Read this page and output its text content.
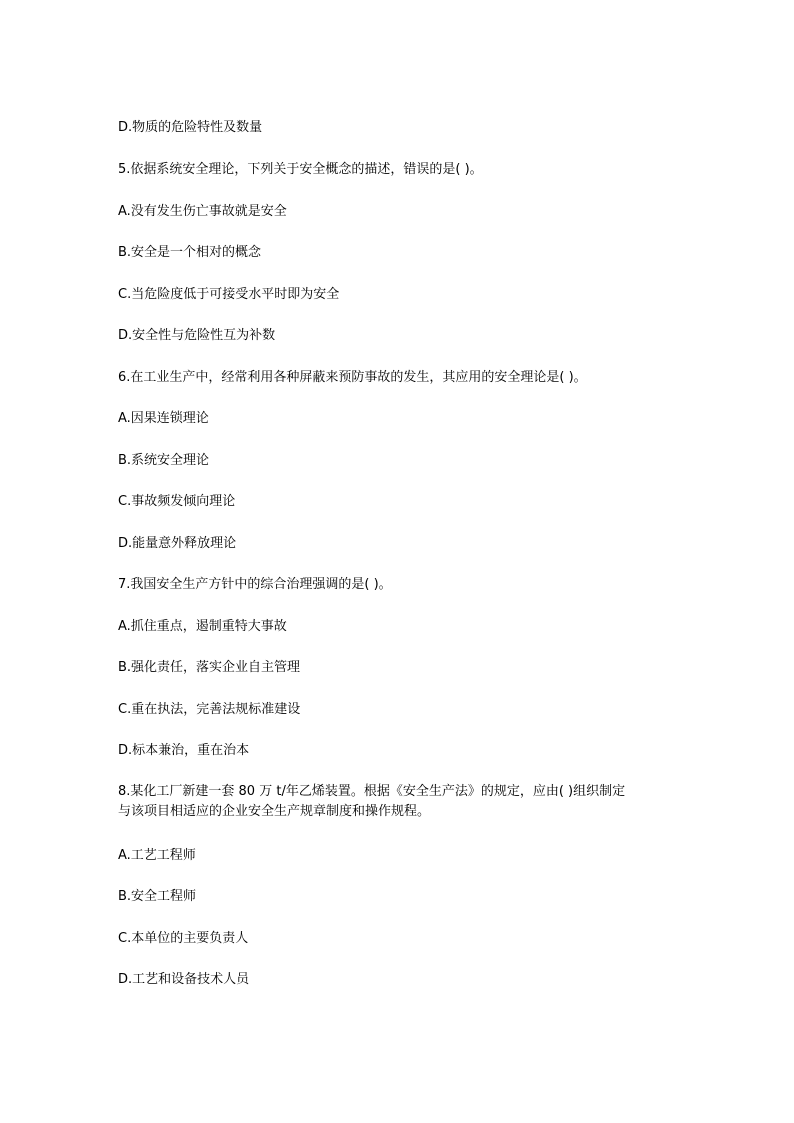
D.物质的危险特性及数量
5.依据系统安全理论，下列关于安全概念的描述，错误的是( )。
A.没有发生伤亡事故就是安全
B.安全是一个相对的概念
C.当危险度低于可接受水平时即为安全
D.安全性与危险性互为补数
6.在工业生产中，经常利用各种屏蔽来预防事故的发生，其应用的安全理论是( )。
A.因果连锁理论
B.系统安全理论
C.事故频发倾向理论
D.能量意外释放理论
7.我国安全生产方针中的综合治理强调的是( )。
A.抓住重点，遏制重特大事故
B.强化责任，落实企业自主管理
C.重在执法，完善法规标准建设
D.标本兼治，重在治本
8.某化工厂新建一套 80 万 t/年乙烯装置。根据《安全生产法》的规定，应由( )组织制定
与该项目相适应的企业安全生产规章制度和操作规程。
A.工艺工程师
B.安全工程师
C.本单位的主要负责人
D.工艺和设备技术人员
